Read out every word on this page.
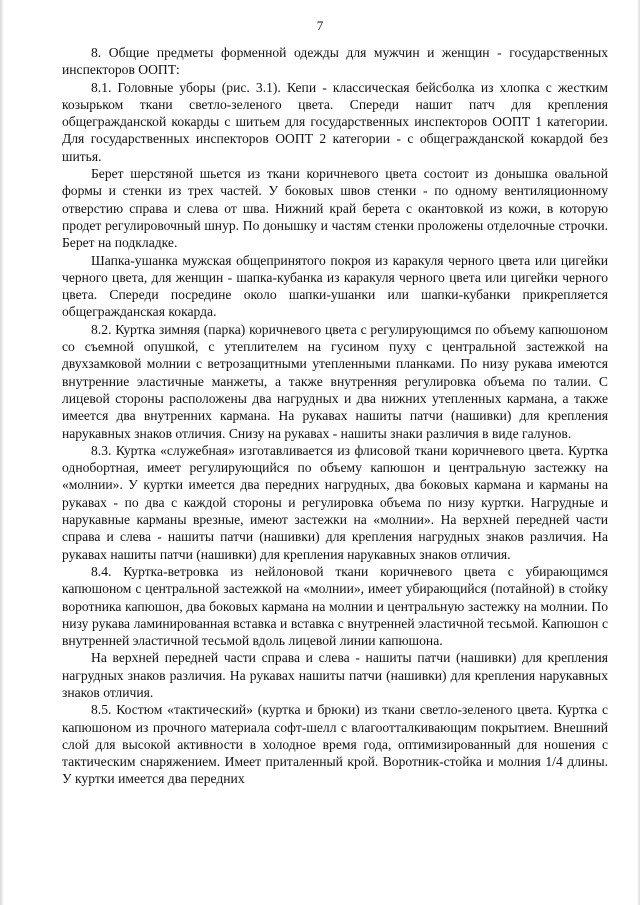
7

8. Общие предметы форменной одежды для мужчин и женщин - государственных инспекторов ООПТ:

8.1. Головные уборы (рис. 3.1). Кепи - классическая бейсболка из хлопка с жестким козырьком ткани светло-зеленого цвета. Спереди нашит патч для крепления общегражданской кокарды с шитьем для государственных инспекторов ООПТ 1 категории. Для государственных инспекторов ООПТ 2 категории - с общегражданской кокардой без шитья.

Берет шерстяной шьется из ткани коричневого цвета состоит из донышка овальной формы и стенки из трех частей. У боковых швов стенки - по одному вентиляционному отверстию справа и слева от шва. Нижний край берета с окантовкой из кожи, в которую продет регулировочный шнур. По донышку и частям стенки проложены отделочные строчки. Берет на подкладке.

Шапка-ушанка мужская общепринятого покроя из каракуля черного цвета или цигейки черного цвета, для женщин - шапка-кубанка из каракуля черного цвета или цигейки черного цвета. Спереди посредине около шапки-ушанки или шапки-кубанки прикрепляется общегражданская кокарда.

8.2. Куртка зимняя (парка) коричневого цвета с регулирующимся по объему капюшоном со съемной опушкой, с утеплителем на гусином пуху с центральной застежкой на двухзамковой молнии с ветрозащитными утепленными планками. По низу рукава имеются внутренние эластичные манжеты, а также внутренняя регулировка объема по талии. С лицевой стороны расположены два нагрудных и два нижних утепленных кармана, а также имеется два внутренних кармана. На рукавах нашиты патчи (нашивки) для крепления нарукавных знаков отличия. Снизу на рукавах - нашиты знаки различия в виде галунов.

8.3. Куртка «служебная» изготавливается из флисовой ткани коричневого цвета. Куртка однобортная, имеет регулирующийся по объему капюшон и центральную застежку на «молнии». У куртки имеется два передних нагрудных, два боковых кармана и карманы на рукавах - по два с каждой стороны и регулировка объема по низу куртки. Нагрудные и нарукавные карманы врезные, имеют застежки на «молнии». На верхней передней части справа и слева - нашиты патчи (нашивки) для крепления нагрудных знаков различия. На рукавах нашиты патчи (нашивки) для крепления нарукавных знаков отличия.

8.4. Куртка-ветровка из нейлоновой ткани коричневого цвета с убирающимся капюшоном с центральной застежкой на «молнии», имеет убирающийся (потайной) в стойку воротника капюшон, два боковых кармана на молнии и центральную застежку на молнии. По низу рукава ламинированная вставка и вставка с внутренней эластичной тесьмой. Капюшон с внутренней эластичной тесьмой вдоль лицевой линии капюшона.

На верхней передней части справа и слева - нашиты патчи (нашивки) для крепления нагрудных знаков различия. На рукавах нашиты патчи (нашивки) для крепления нарукавных знаков отличия.

8.5. Костюм «тактический» (куртка и брюки) из ткани светло-зеленого цвета. Куртка с капюшоном из прочного материала софт-шелл с влагоотталкивающим покрытием. Внешний слой для высокой активности в холодное время года, оптимизированный для ношения с тактическим снаряжением. Имеет приталенный крой. Воротник-стойка и молния 1/4 длины. У куртки имеется два передних
